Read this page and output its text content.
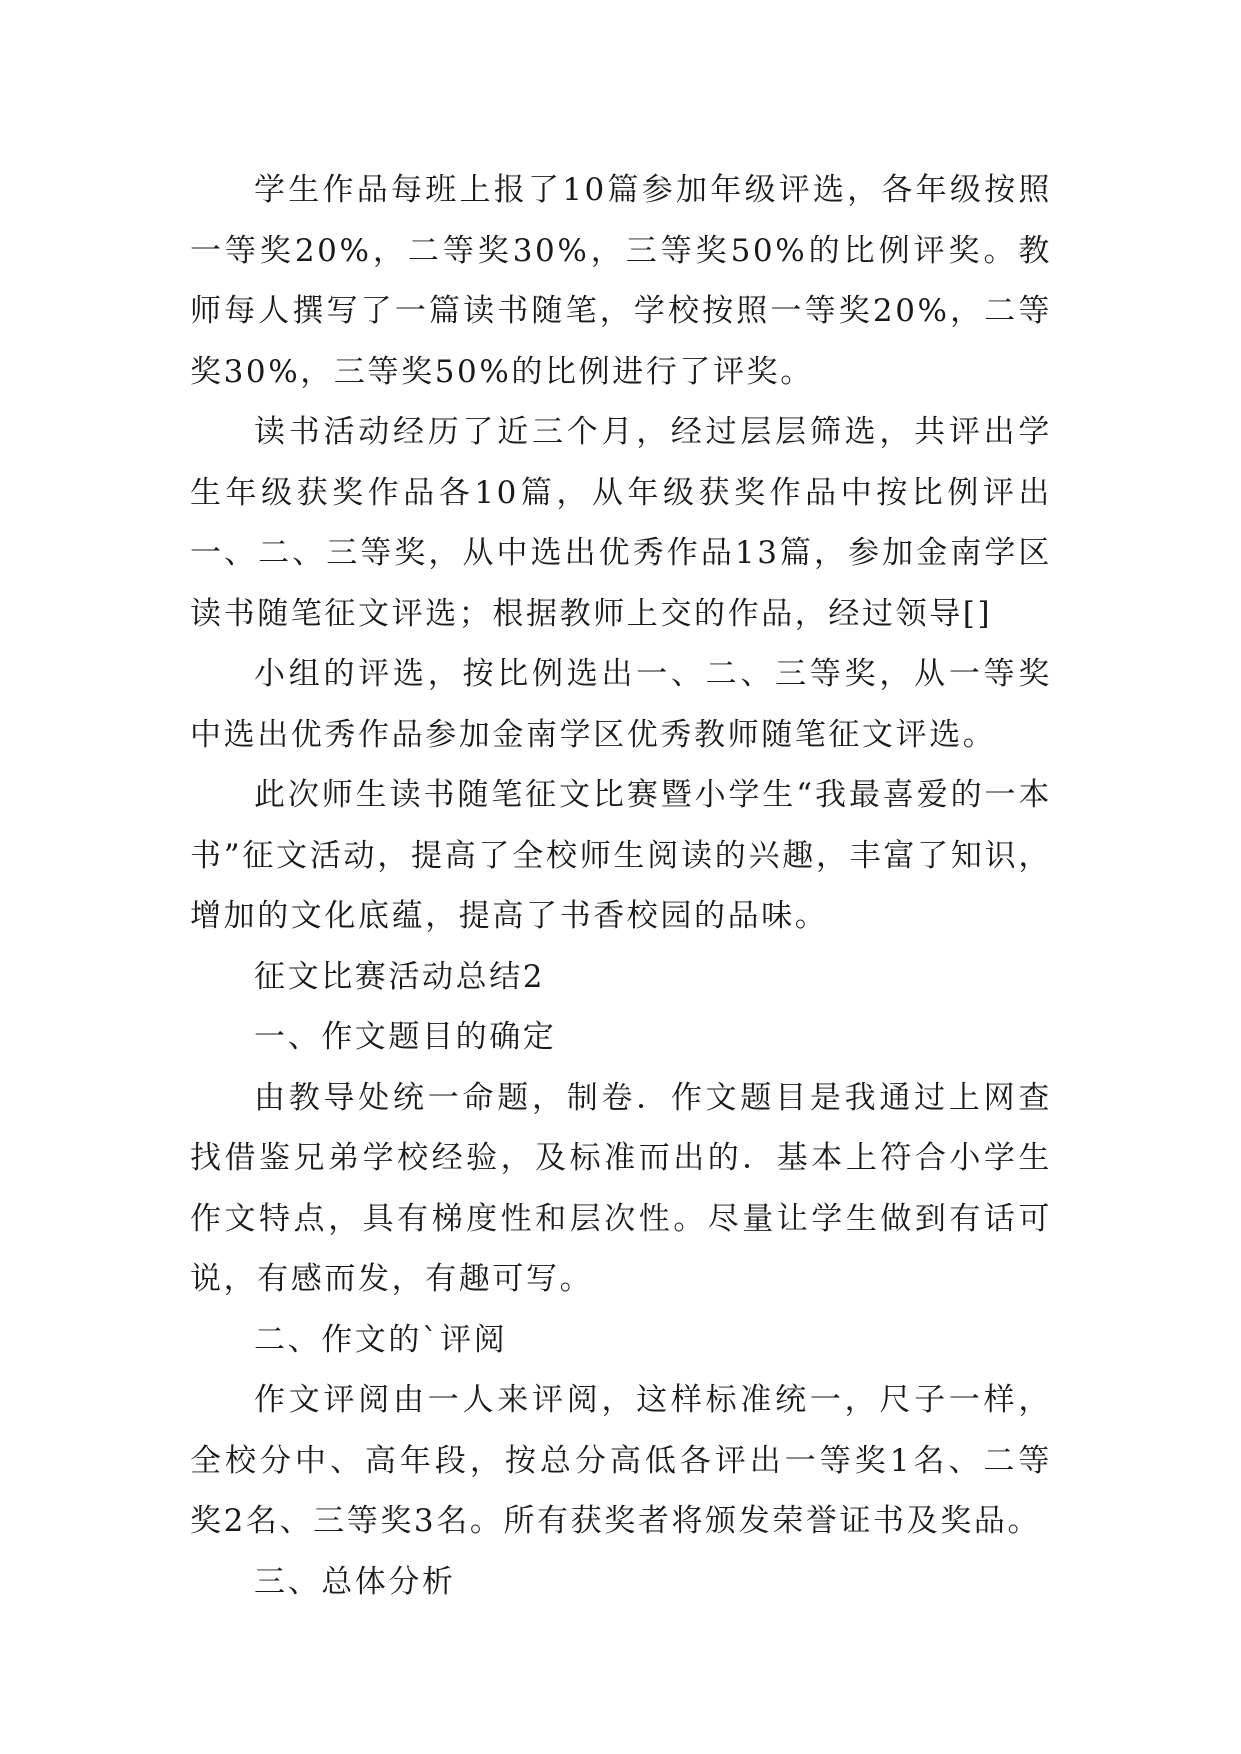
学生作品每班上报了10篇参加年级评选，各年级按照一等奖20%，二等奖30%，三等奖50%的比例评奖。教师每人撰写了一篇读书随笔，学校按照一等奖20%，二等奖30%，三等奖50%的比例进行了评奖。

读书活动经历了近三个月，经过层层筛选，共评出学生年级获奖作品各10篇，从年级获奖作品中按比例评出一、二、三等奖，从中选出优秀作品13篇，参加金南学区读书随笔征文评选；根据教师上交的作品，经过领导[]

小组的评选，按比例选出一、二、三等奖，从一等奖中选出优秀作品参加金南学区优秀教师随笔征文评选。

此次师生读书随笔征文比赛暨小学生“我最喜爱的一本书”征文活动，提高了全校师生阅读的兴趣，丰富了知识，增加的文化底蕴，提高了书香校园的品味。

征文比赛活动总结2

一、作文题目的确定

由教导处统一命题，制卷．作文题目是我通过上网查找借鉴兄弟学校经验，及标准而出的．基本上符合小学生作文特点，具有梯度性和层次性。尽量让学生做到有话可说，有感而发，有趣可写。

二、作文的`评阅

作文评阅由一人来评阅，这样标准统一，尺子一样，全校分中、高年段，按总分高低各评出一等奖1名、二等奖2名、三等奖3名。所有获奖者将颁发荣誉证书及奖品。

三、总体分析
